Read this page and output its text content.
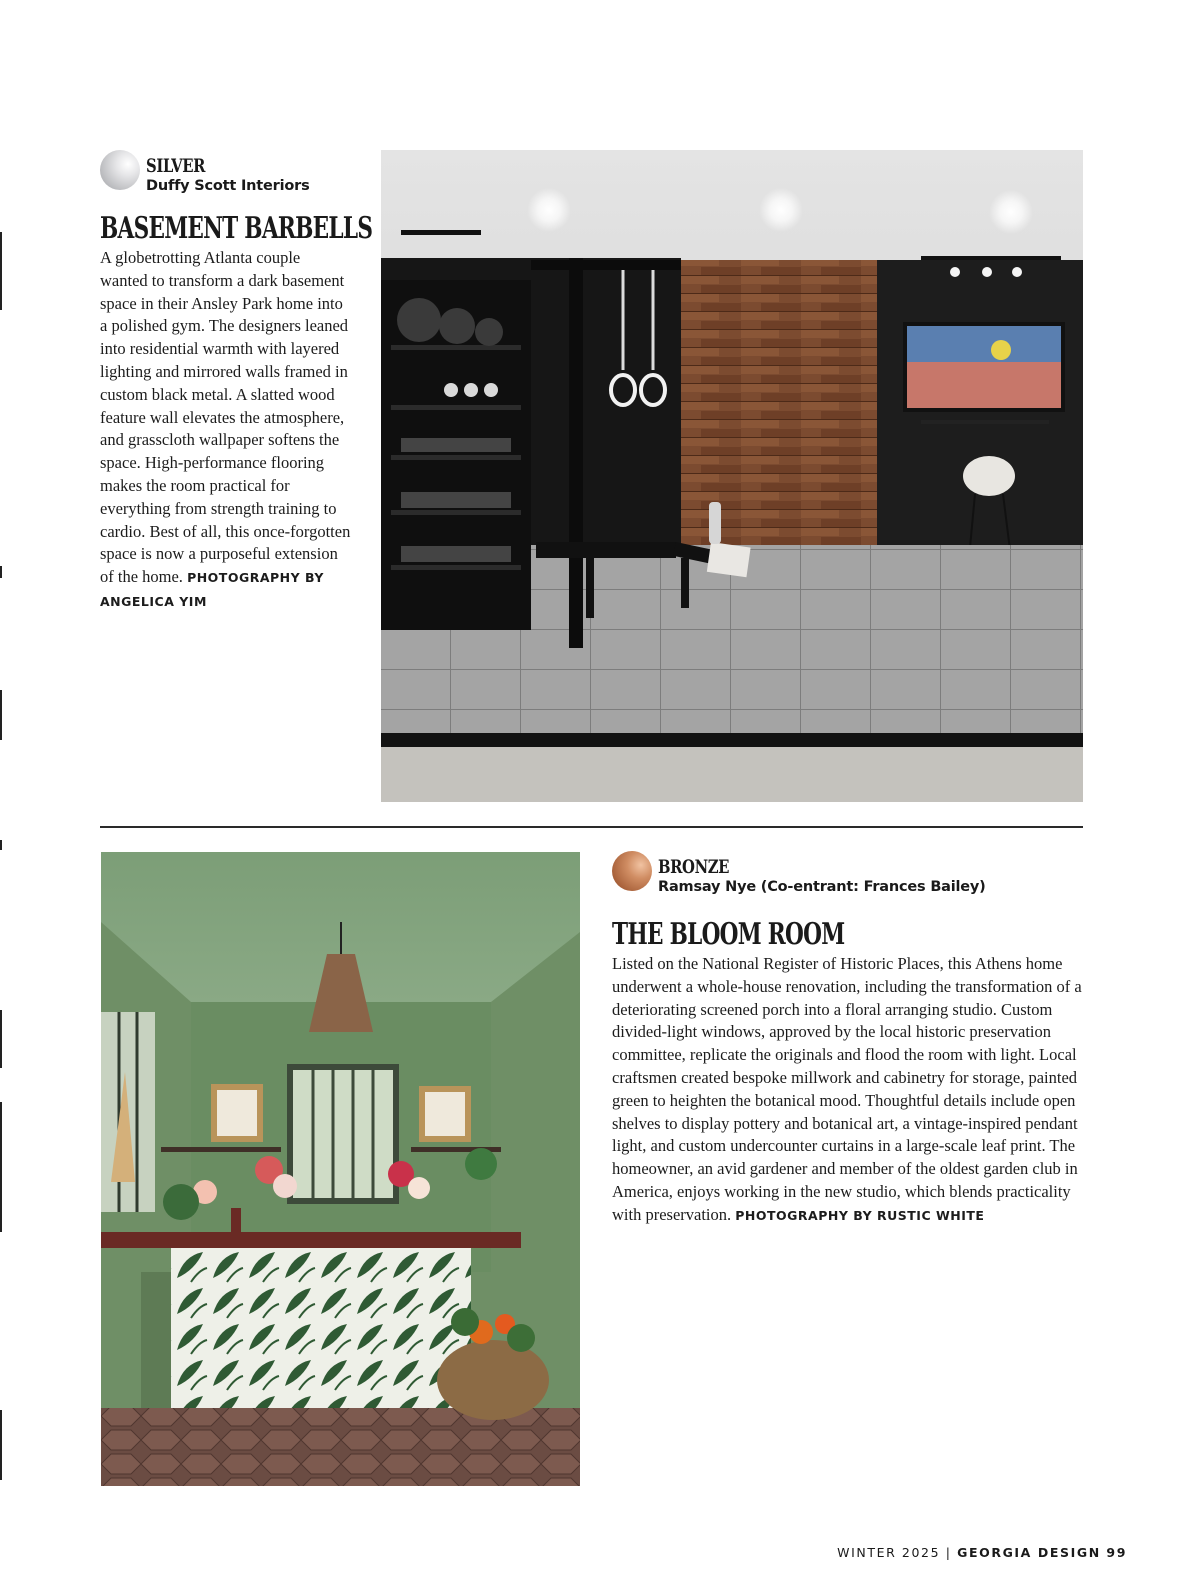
SILVER
Duffy Scott Interiors
BASEMENT BARBELLS

A globetrotting Atlanta couple wanted to transform a dark basement space in their Ansley Park home into a polished gym. The designers leaned into residential warmth with layered lighting and mirrored walls framed in custom black metal. A slatted wood feature wall elevates the atmosphere, and grasscloth wallpaper softens the space. High-performance flooring makes the room practical for everything from strength training to cardio. Best of all, this once-forgotten space is now a purposeful extension of the home. PHOTOGRAPHY BY ANGELICA YIM

BRONZE
Ramsay Nye (Co-entrant: Frances Bailey)
THE BLOOM ROOM

Listed on the National Register of Historic Places, this Athens home underwent a whole-house renovation, including the transformation of a deteriorating screened porch into a floral arranging studio. Custom divided-light windows, approved by the local historic preservation committee, replicate the originals and flood the room with light. Local craftsmen created bespoke millwork and cabinetry for storage, painted green to heighten the botanical mood. Thoughtful details include open shelves to display pottery and botanical art, a vintage-inspired pendant light, and custom undercounter curtains in a large-scale leaf print. The homeowner, an avid gardener and member of the oldest garden club in America, enjoys working in the new studio, which blends practicality with preservation. PHOTOGRAPHY BY RUSTIC WHITE

WINTER 2025 | GEORGIA DESIGN 99
